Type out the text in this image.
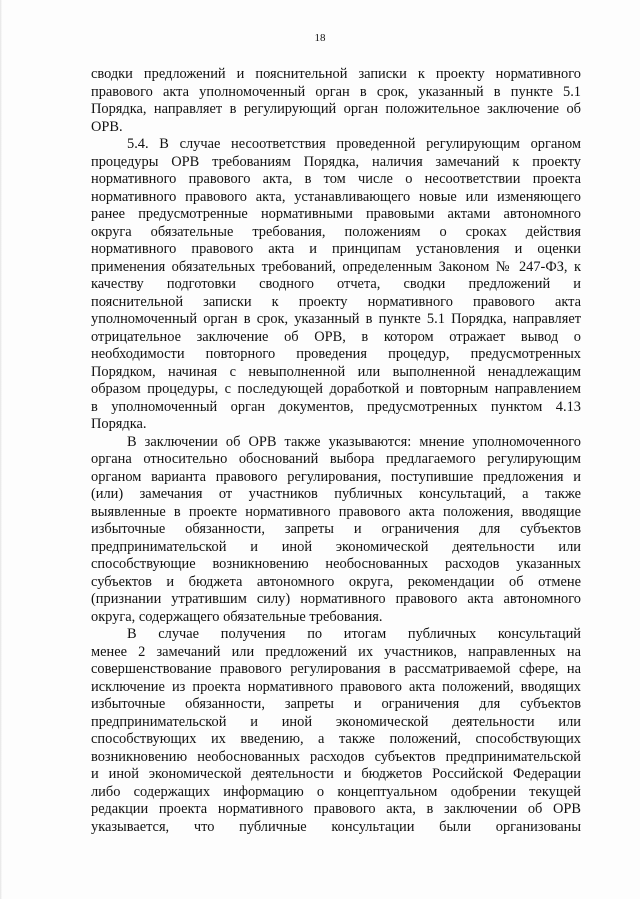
18
сводки предложений и пояснительной записки к проекту нормативного
правового акта уполномоченный орган в срок, указанный в пункте 5.1
Порядка, направляет в регулирующий орган положительное заключение об
ОРВ.
5.4. В случае несоответствия проведенной регулирующим органом
процедуры ОРВ требованиям Порядка, наличия замечаний к проекту
нормативного правового акта, в том числе о несоответствии проекта
нормативного правового акта, устанавливающего новые или изменяющего
ранее предусмотренные нормативными правовыми актами автономного
округа обязательные требования, положениям о сроках действия
нормативного правового акта и принципам установления и оценки
применения обязательных требований, определенным Законом № 247-ФЗ, к
качеству подготовки сводного отчета, сводки предложений и
пояснительной записки к проекту нормативного правового акта
уполномоченный орган в срок, указанный в пункте 5.1 Порядка, направляет
отрицательное заключение об ОРВ, в котором отражает вывод о
необходимости повторного проведения процедур, предусмотренных
Порядком, начиная с невыполненной или выполненной ненадлежащим
образом процедуры, с последующей доработкой и повторным направлением
в уполномоченный орган документов, предусмотренных пунктом 4.13
Порядка.
В заключении об ОРВ также указываются: мнение уполномоченного
органа относительно обоснований выбора предлагаемого регулирующим
органом варианта правового регулирования, поступившие предложения и
(или) замечания от участников публичных консультаций, а также
выявленные в проекте нормативного правового акта положения, вводящие
избыточные обязанности, запреты и ограничения для субъектов
предпринимательской и иной экономической деятельности или
способствующие возникновению необоснованных расходов указанных
субъектов и бюджета автономного округа, рекомендации об отмене
(признании утратившим силу) нормативного правового акта автономного
округа, содержащего обязательные требования.
В случае получения по итогам публичных консультаций
менее 2 замечаний или предложений их участников, направленных на
совершенствование правового регулирования в рассматриваемой сфере, на
исключение из проекта нормативного правового акта положений, вводящих
избыточные обязанности, запреты и ограничения для субъектов
предпринимательской и иной экономической деятельности или
способствующих их введению, а также положений, способствующих
возникновению необоснованных расходов субъектов предпринимательской
и иной экономической деятельности и бюджетов Российской Федерации
либо содержащих информацию о концептуальном одобрении текущей
редакции проекта нормативного правового акта, в заключении об ОРВ
указывается, что публичные консультации были организованы
